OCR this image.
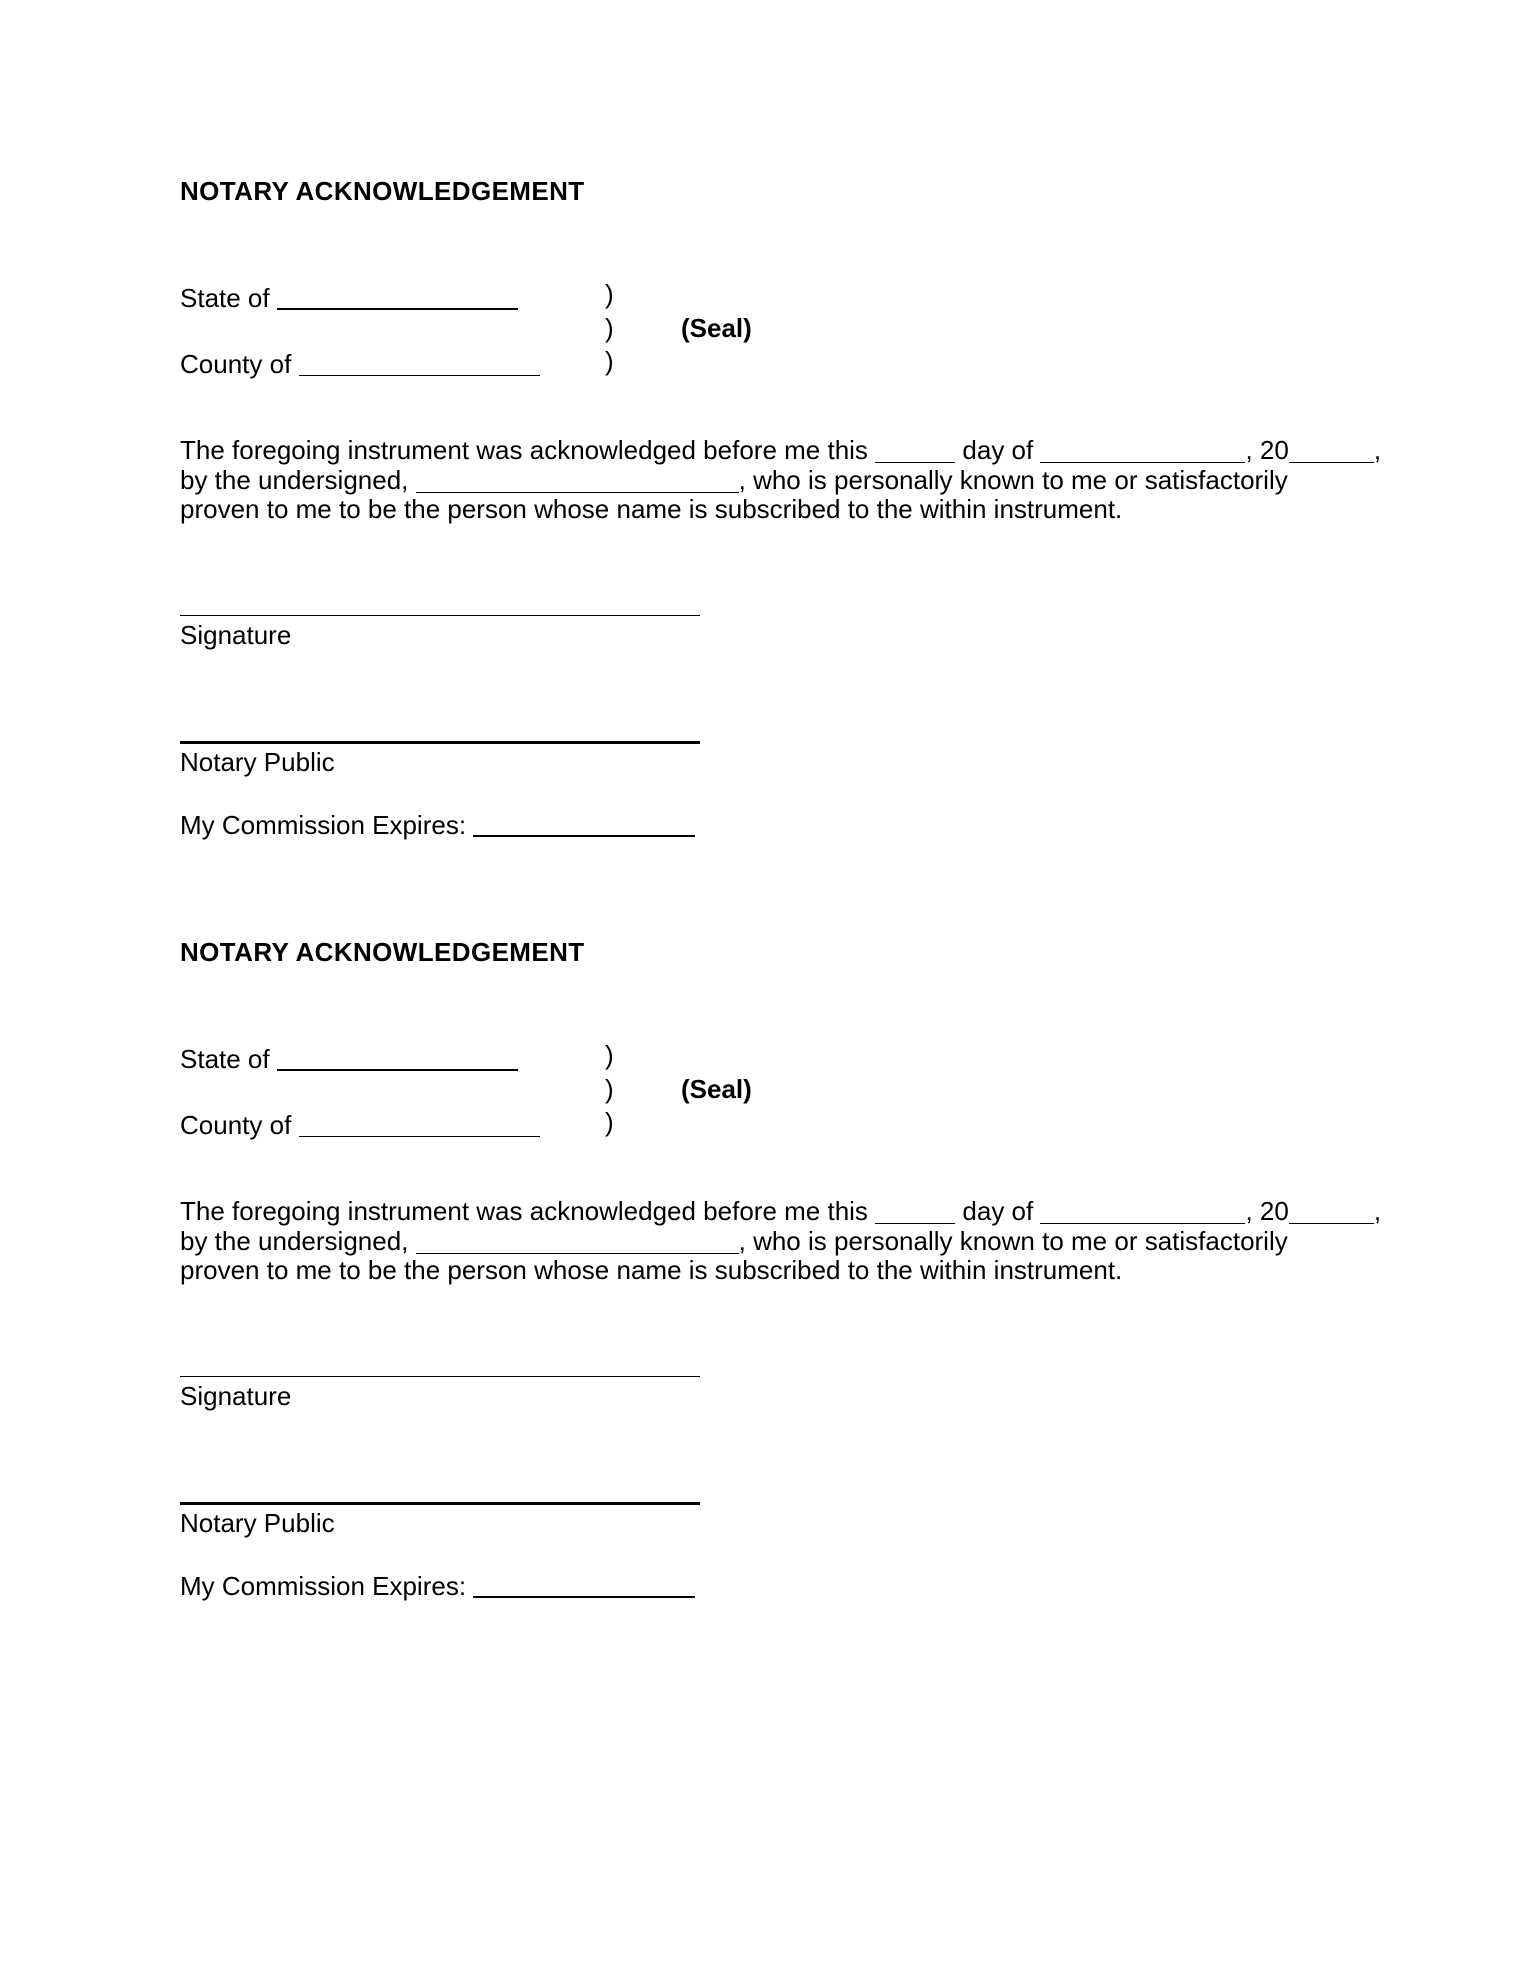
NOTARY ACKNOWLEDGEMENT
State of	)
)	(Seal)
County of	)
The foregoing instrument was acknowledged before me this	day of	, 20	,
by the undersigned,	, who is personally known to me or satisfactorily
proven to me to be the person whose name is subscribed to the within instrument.
Signature
Notary Public
My Commission Expires:
NOTARY ACKNOWLEDGEMENT
State of	)
)	(Seal)
County of	)
The foregoing instrument was acknowledged before me this	day of	, 20	,
by the undersigned,	, who is personally known to me or satisfactorily
proven to me to be the person whose name is subscribed to the within instrument.
Signature
Notary Public
My Commission Expires:
